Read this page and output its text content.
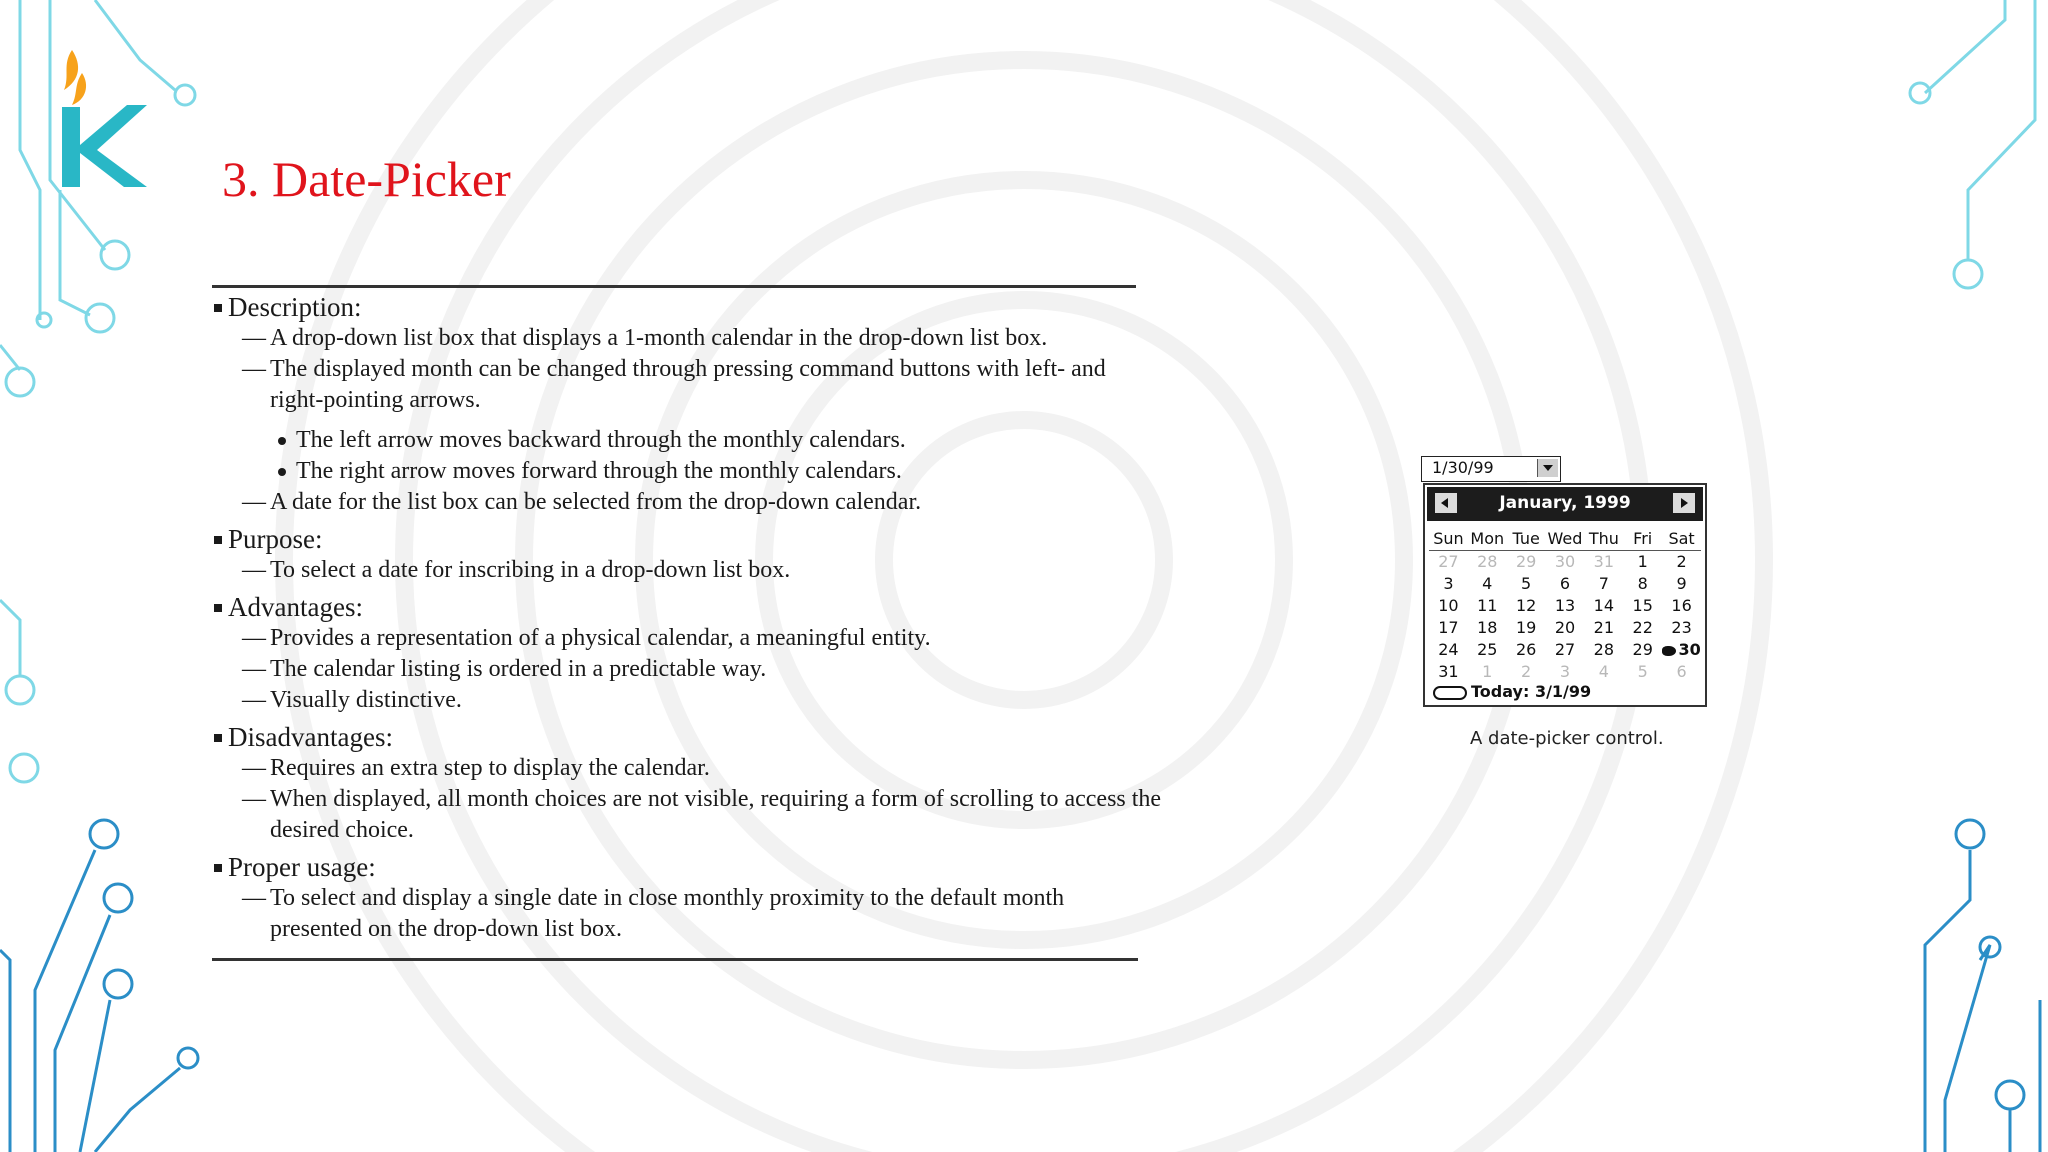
3. Date-Picker

Description:

— A drop-down list box that displays a 1-month calendar in the drop-down list box.

— The displayed month can be changed through pressing command buttons with left- and right-pointing arrows.

The left arrow moves backward through the monthly calendars.

The right arrow moves forward through the monthly calendars.

— A date for the list box can be selected from the drop-down calendar.

Purpose:

— To select a date for inscribing in a drop-down list box.

Advantages:

— Provides a representation of a physical calendar, a meaningful entity.

— The calendar listing is ordered in a predictable way.

— Visually distinctive.

Disadvantages:

— Requires an extra step to display the calendar.

— When displayed, all month choices are not visible, requiring a form of scrolling to access the desired choice.

Proper usage:

— To select and display a single date in close monthly proximity to the default month presented on the drop-down list box.

1/30/99
January, 1999
Sun Mon Tue Wed Thu Fri	Sat
27	28	29	30	31	1	2
3	4	5	6	7	8	9
10	11	12	13	14	15	16
17	18	19	20	21	22	23
24	25	26	27	28	29	30
31	1	2	3	4	5	6
Today: 3/1/99
A date-picker control.
